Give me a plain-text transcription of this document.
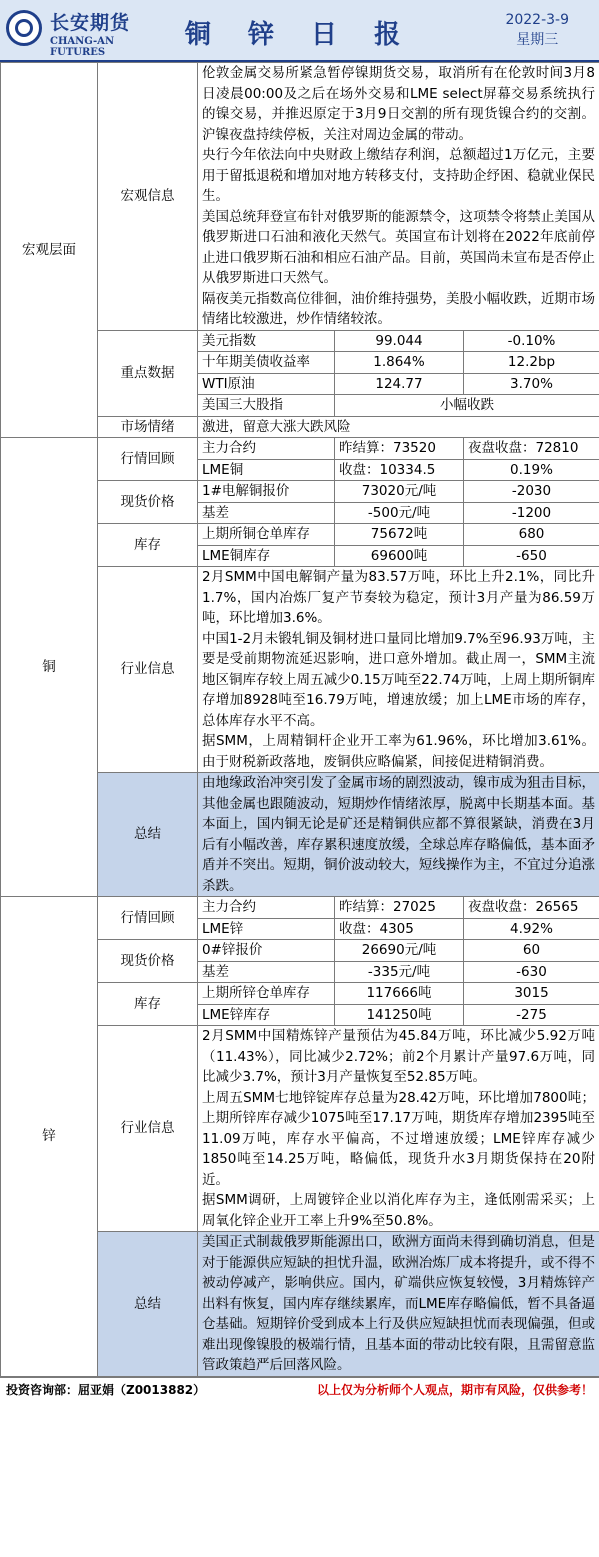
长安期货
CHANG-AN FUTURES
铜 锌 日 报	2022-3-9
星期三
宏观层面	宏观信息	伦敦金属交易所紧急暂停镍期货交易，取消所有在伦敦时间3月8日凌晨00:00及之后在场外交易和LME select屏幕交易系统执行的镍交易，并推迟原定于3月9日交割的所有现货镍合约的交割。沪镍夜盘持续停板，关注对周边金属的带动。
央行今年依法向中央财政上缴结存利润，总额超过1万亿元，主要用于留抵退税和增加对地方转移支付，支持助企纾困、稳就业保民生。
美国总统拜登宣布针对俄罗斯的能源禁令，这项禁令将禁止美国从俄罗斯进口石油和液化天然气。英国宣布计划将在2022年底前停止进口俄罗斯石油和相应石油产品。目前，英国尚未宣布是否停止从俄罗斯进口天然气。
隔夜美元指数高位徘徊，油价维持强势，美股小幅收跌，近期市场情绪比较激进，炒作情绪较浓。		

	重点数据	美元指数	99.044	-0.10%
		十年期美债收益率	1.864%	12.2bp
		WTI原油	124.77	3.70%
		美国三大股指	小幅收跌	
	市场情绪	激进，留意大涨大跌风险		
铜	行情回顾	主力合约	昨结算：73520	夜盘收盘：72810
		LME铜	收盘：10334.5	0.19%
	现货价格	1#电解铜报价	73020元/吨	-2030
		基差	-500元/吨	-1200
	库存	上期所铜仓单库存	75672吨	680
		LME铜库存	69600吨	-650
	行业信息	2月SMM中国电解铜产量为83.57万吨，环比上升2.1%，同比升1.7%，国内冶炼厂复产节奏较为稳定，预计3月产量为86.59万吨，环比增加3.6%。
中国1-2月未锻轧铜及铜材进口量同比增加9.7%至96.93万吨，主要是受前期物流延迟影响，进口意外增加。截止周一，SMM主流地区铜库存较上周五减少0.15万吨至22.74万吨，上周上期所铜库存增加8928吨至16.79万吨，增速放缓；加上LME市场的库存，总体库存水平不高。
据SMM，上周精铜杆企业开工率为61.96%，环比增加3.61%。由于财税新政落地，废铜供应略偏紧，间接促进精铜消费。		

	总结	由地缘政治冲突引发了金属市场的剧烈波动，镍市成为狙击目标，其他金属也跟随波动，短期炒作情绪浓厚，脱离中长期基本面。基本面上，国内铜无论是矿还是精铜供应都不算很紧缺，消费在3月后有小幅改善，库存累积速度放缓，全球总库存略偏低，基本面矛盾并不突出。短期，铜价波动较大，短线操作为主，不宜过分追涨杀跌。		
锌	行情回顾	主力合约	昨结算：27025	夜盘收盘：26565
		LME锌	收盘：4305	4.92%
	现货价格	0#锌报价	26690元/吨	60
		基差	-335元/吨	-630
	库存	上期所锌仓单库存	117666吨	3015
		LME锌库存	141250吨	-275
	行业信息	2月SMM中国精炼锌产量预估为45.84万吨，环比减少5.92万吨（11.43%），同比减少2.72%；前2个月累计产量97.6万吨，同比减少3.7%，预计3月产量恢复至52.85万吨。
上周五SMM七地锌锭库存总量为28.42万吨，环比增加7800吨；上期所锌库存减少1075吨至17.17万吨，期货库存增加2395吨至11.09万吨，库存水平偏高，不过增速放缓；LME锌库存减少1850吨至14.25万吨，略偏低，现货升水3月期货保持在20附近。
据SMM调研，上周镀锌企业以消化库存为主，逢低刚需采买；上周氧化锌企业开工率上升9%至50.8%。		

	总结	美国正式制裁俄罗斯能源出口，欧洲方面尚未得到确切消息，但是对于能源供应短缺的担忧升温，欧洲冶炼厂成本将提升，或不得不被动停减产，影响供应。国内，矿端供应恢复较慢，3月精炼锌产出料有恢复，国内库存继续累库，而LME库存略偏低，暂不具备逼仓基础。短期锌价受到成本上行及供应短缺担忧而表现偏强，但或难出现像镍股的极端行情，且基本面的带动比较有限，且需留意监管政策趋严后回落风险。		
投资咨询部：屈亚娟（Z0013882）	以上仅为分析师个人观点，期市有风险，仅供参考！
